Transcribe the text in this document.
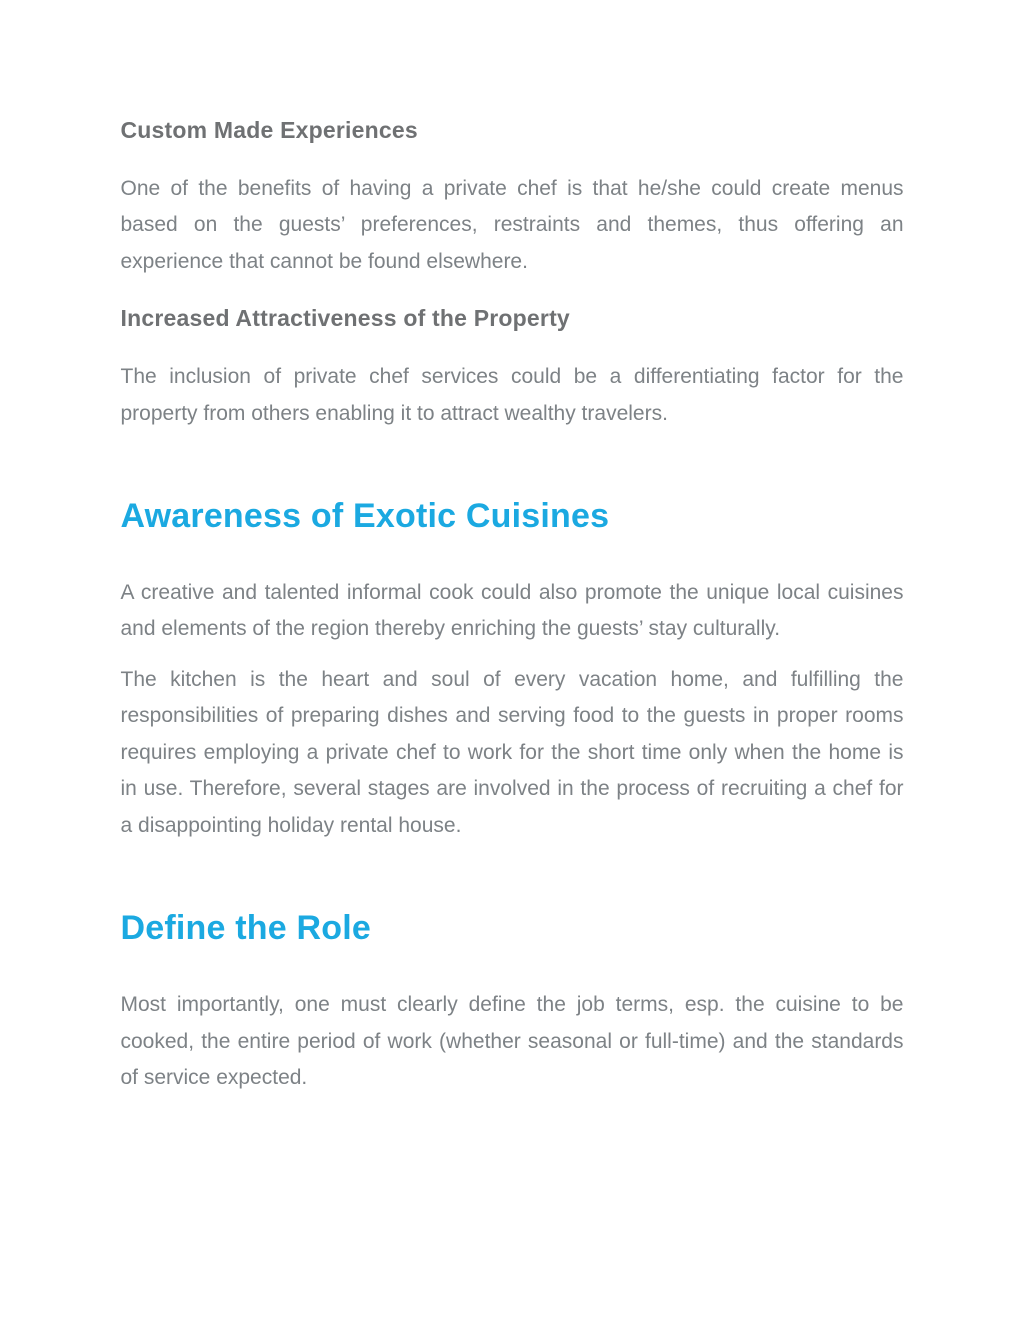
Custom Made Experiences

One of the benefits of having a private chef is that he/she could create menus based on the guests’ preferences, restraints and themes, thus offering an experience that cannot be found elsewhere.

Increased Attractiveness of the Property

The inclusion of private chef services could be a differentiating factor for the property from others enabling it to attract wealthy travelers.

Awareness of Exotic Cuisines

A creative and talented informal cook could also promote the unique local cuisines and elements of the region thereby enriching the guests’ stay culturally.

The kitchen is the heart and soul of every vacation home, and fulfilling the responsibilities of preparing dishes and serving food to the guests in proper rooms requires employing a private chef to work for the short time only when the home is in use. Therefore, several stages are involved in the process of recruiting a chef for a disappointing holiday rental house.

Define the Role

Most importantly, one must clearly define the job terms, esp. the cuisine to be cooked, the entire period of work (whether seasonal or full-time) and the standards of service expected.
